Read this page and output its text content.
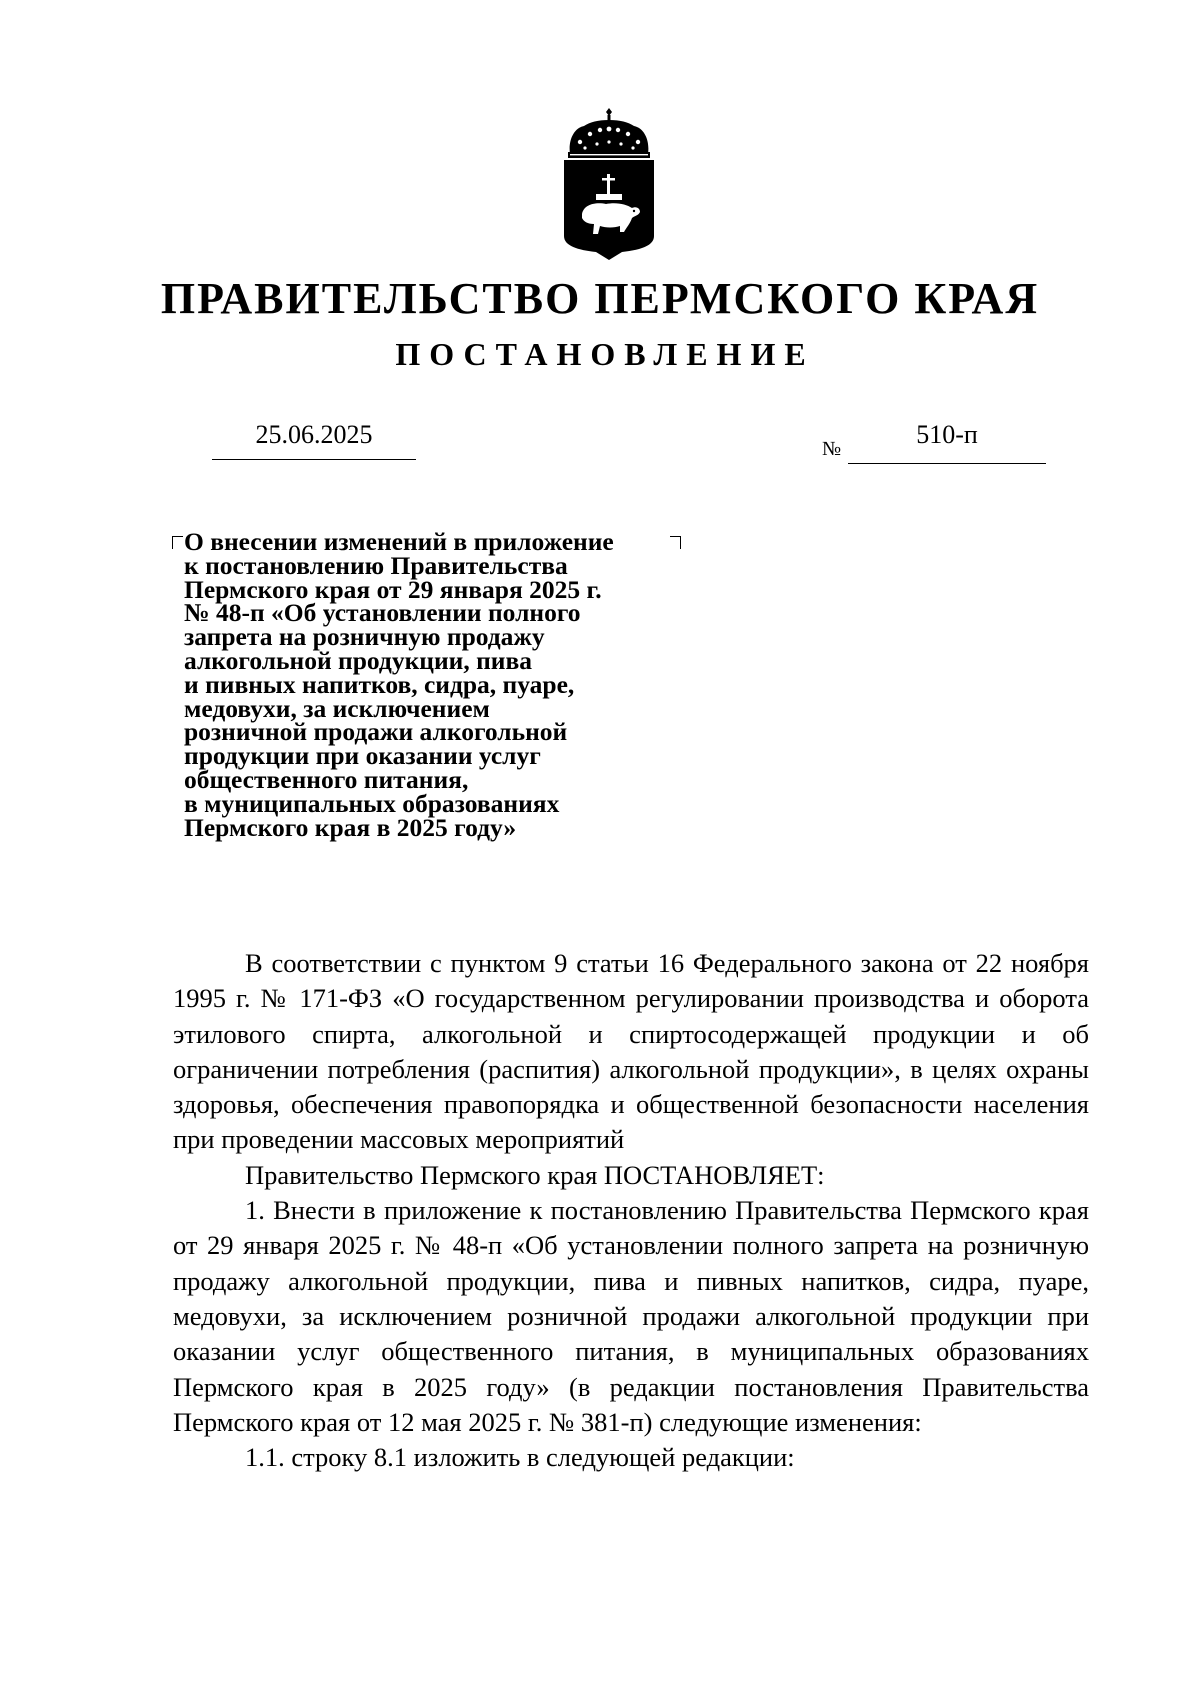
ПРАВИТЕЛЬСТВО ПЕРМСКОГО КРАЯ
ПОСТАНОВЛЕНИЕ
25.06.2025	№	510-п
О внесении изменений в приложение
к постановлению Правительства
Пермского края от 29 января 2025 г.
№ 48-п «Об установлении полного
запрета на розничную продажу
алкогольной продукции, пива
и пивных напитков, сидра, пуаре,
медовухи, за исключением
розничной продажи алкогольной
продукции при оказании услуг
общественного питания,
в муниципальных образованиях
Пермского края в 2025 году»

В соответствии с пунктом 9 статьи 16 Федерального закона от 22 ноября 1995 г. № 171-ФЗ «О государственном регулировании производства и оборота этилового спирта, алкогольной и спиртосодержащей продукции и об ограничении потребления (распития) алкогольной продукции», в целях охраны здоровья, обеспечения правопорядка и общественной безопасности населения при проведении массовых мероприятий

Правительство Пермского края ПОСТАНОВЛЯЕТ:

1. Внести в приложение к постановлению Правительства Пермского края от 29 января 2025 г. № 48-п «Об установлении полного запрета на розничную продажу алкогольной продукции, пива и пивных напитков, сидра, пуаре, медовухи, за исключением розничной продажи алкогольной продукции при оказании услуг общественного питания, в муниципальных образованиях Пермского края в 2025 году» (в редакции постановления Правительства Пермского края от 12 мая 2025 г. № 381-п) следующие изменения:

1.1. строку 8.1 изложить в следующей редакции:
